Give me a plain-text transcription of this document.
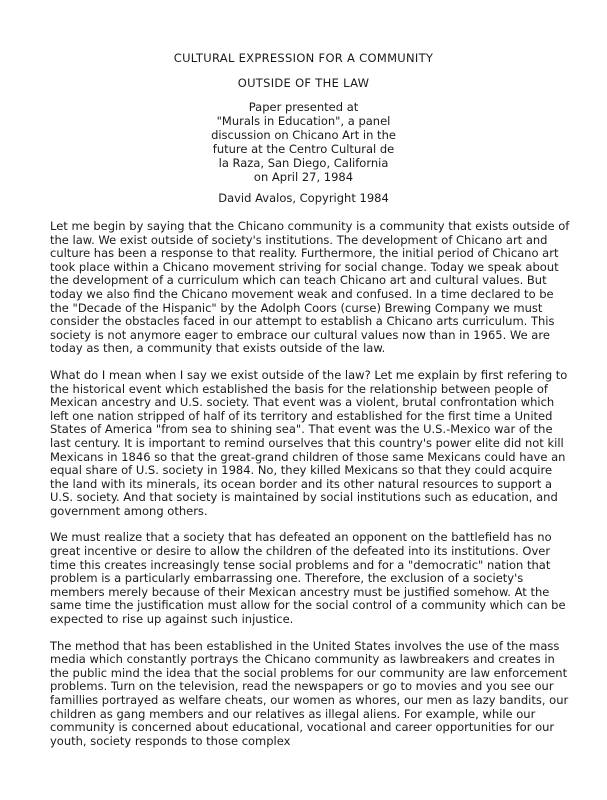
CULTURAL EXPRESSION FOR A COMMUNITY
OUTSIDE OF THE LAW
Paper presented at
"Murals in Education", a panel
discussion on Chicano Art in the
future at the Centro Cultural de
la Raza, San Diego, California
on April 27, 1984
David Avalos, Copyright 1984

Let me begin by saying that the Chicano community is a community that exists outside of the law. We exist outside of society's institutions. The development of Chicano art and culture has been a response to that reality. Furthermore, the initial period of Chicano art took place within a Chicano movement striving for social change. Today we speak about the development of a curriculum which can teach Chicano art and cultural values. But today we also find the Chicano movement weak and confused. In a time declared to be the "Decade of the Hispanic" by the Adolph Coors (curse) Brewing Company we must consider the obstacles faced in our attempt to establish a Chicano arts curriculum. This society is not anymore eager to embrace our cultural values now than in 1965. We are today as then, a community that exists outside of the law.

What do I mean when I say we exist outside of the law? Let me explain by first refering to the historical event which established the basis for the relationship between people of Mexican ancestry and U.S. society. That event was a violent, brutal confrontation which left one nation stripped of half of its territory and established for the first time a United States of America "from sea to shining sea". That event was the U.S.-Mexico war of the last century. It is important to remind ourselves that this country's power elite did not kill Mexicans in 1846 so that the great-grand children of those same Mexicans could have an equal share of U.S. society in 1984. No, they killed Mexicans so that they could acquire the land with its minerals, its ocean border and its other natural resources to support a U.S. society. And that society is maintained by social institutions such as education, and government among others.

We must realize that a society that has defeated an opponent on the battlefield has no great incentive or desire to allow the children of the defeated into its institutions. Over time this creates increasingly tense social problems and for a "democratic" nation that problem is a particularly embarrassing one. Therefore, the exclusion of a society's members merely because of their Mexican ancestry must be justified somehow. At the same time the justification must allow for the social control of a community which can be expected to rise up against such injustice.

The method that has been established in the United States involves the use of the mass media which constantly portrays the Chicano community as lawbreakers and creates in the public mind the idea that the social problems for our community are law enforcement problems. Turn on the television, read the newspapers or go to movies and you see our famillies portrayed as welfare cheats, our women as whores, our men as lazy bandits, our children as gang members and our relatives as illegal aliens. For example, while our community is concerned about educational, vocational and career opportunities for our youth, society responds to those complex
